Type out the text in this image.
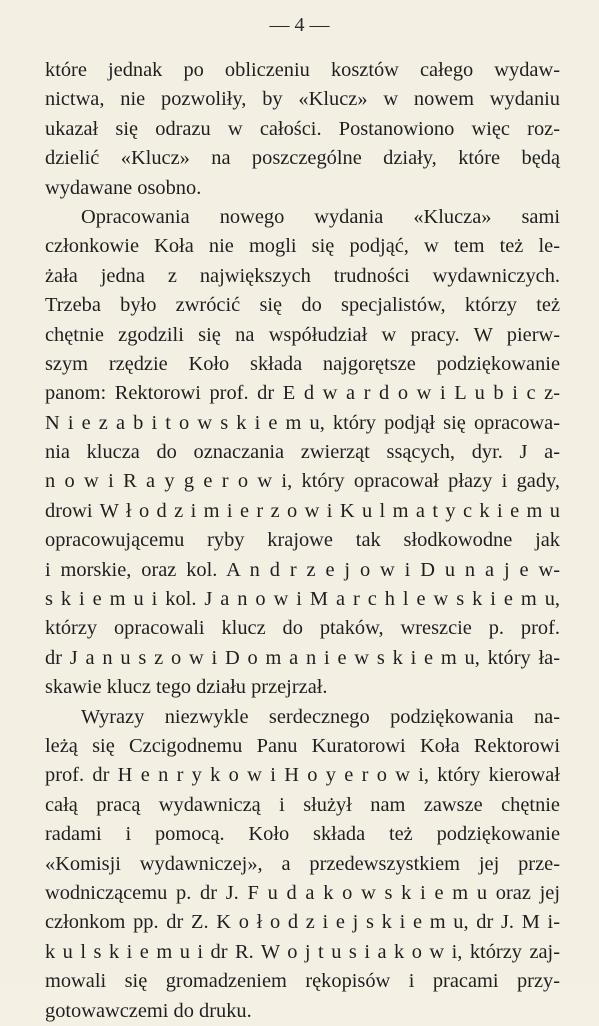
— 4 —
które jednak po obliczeniu kosztów całego wydaw-
nictwa, nie pozwoliły, by «Klucz» w nowem wydaniu
ukazał się odrazu w całości. Postanowiono więc roz-
dzielić «Klucz» na poszczególne działy, które będą
wydawane osobno.
Opracowania nowego wydania «Klucza» sami
członkowie Koła nie mogli się podjąć, w tem też le-
żała jedna z największych trudności wydawniczych.
Trzeba było zwrócić się do specjalistów, którzy też
chętnie zgodzili się na współudział w pracy. W pierw-
szym rzędzie Koło składa najgorętsze podziękowanie
panom: Rektorowi prof. dr E d w a r d o w i L u b i c z-
N i e z a b i t o w s k i e m u, który podjął się opracowa-
nia klucza do oznaczania zwierząt ssących, dyr. J a-
n o w i R a y g e r o w i, który opracował płazy i gady,
drowi W ł o d z i m i e r z o w i K u l m a t y c k i e m u
opracowującemu ryby krajowe tak słodkowodne jak
i morskie, oraz kol. A n d r z e j o w i D u n a j e w-
s k i e m u i kol. J a n o w i M a r c h l e w s k i e m u,
którzy opracowali klucz do ptaków, wreszcie p. prof.
dr J a n u s z o w i D o m a n i e w s k i e m u, który ła-
skawie klucz tego działu przejrzał.
Wyrazy niezwykle serdecznego podziękowania na-
leżą się Czcigodnemu Panu Kuratorowi Koła Rektorowi
prof. dr H e n r y k o w i H o y e r o w i, który kierował
całą pracą wydawniczą i służył nam zawsze chętnie
radami i pomocą. Koło składa też podziękowanie
«Komisji wydawniczej», a przedewszystkiem jej prze-
wodniczącemu p. dr J. F u d a k o w s k i e m u oraz jej
członkom pp. dr Z. K o ł o d z i e j s k i e m u, dr J. M i-
k u l s k i e m u i dr R. W o j t u s i a k o w i, którzy zaj-
mowali się gromadzeniem rękopisów i pracami przy-
gotowawczemi do druku.
